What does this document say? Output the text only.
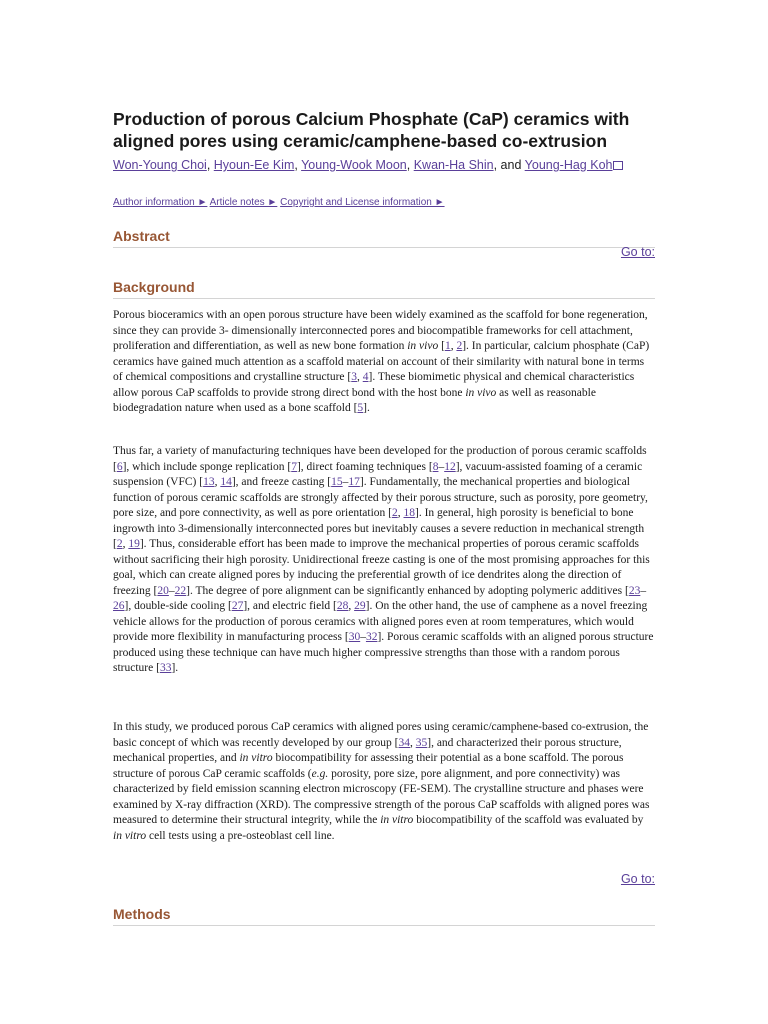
Production of porous Calcium Phosphate (CaP) ceramics with aligned pores using ceramic/camphene-based co-extrusion
Won-Young Choi, Hyoun-Ee Kim, Young-Wook Moon, Kwan-Ha Shin, and Young-Hag Koh
Author information ► Article notes ► Copyright and License information ►
Abstract
Go to:
Background

Porous bioceramics with an open porous structure have been widely examined as the scaffold for bone regeneration, since they can provide 3- dimensionally interconnected pores and biocompatible frameworks for cell attachment, proliferation and differentiation, as well as new bone formation in vivo [1, 2]. In particular, calcium phosphate (CaP) ceramics have gained much attention as a scaffold material on account of their similarity with natural bone in terms of chemical compositions and crystalline structure [3, 4]. These biomimetic physical and chemical characteristics allow porous CaP scaffolds to provide strong direct bond with the host bone in vivo as well as reasonable biodegradation nature when used as a bone scaffold [5].

Thus far, a variety of manufacturing techniques have been developed for the production of porous ceramic scaffolds [6], which include sponge replication [7], direct foaming techniques [8–12], vacuum-assisted foaming of a ceramic suspension (VFC) [13, 14], and freeze casting [15–17]. Fundamentally, the mechanical properties and biological function of porous ceramic scaffolds are strongly affected by their porous structure, such as porosity, pore geometry, pore size, and pore connectivity, as well as pore orientation [2, 18]. In general, high porosity is beneficial to bone ingrowth into 3-dimensionally interconnected pores but inevitably causes a severe reduction in mechanical strength [2, 19]. Thus, considerable effort has been made to improve the mechanical properties of porous ceramic scaffolds without sacrificing their high porosity. Unidirectional freeze casting is one of the most promising approaches for this goal, which can create aligned pores by inducing the preferential growth of ice dendrites along the direction of freezing [20–22]. The degree of pore alignment can be significantly enhanced by adopting polymeric additives [23–26], double-side cooling [27], and electric field [28, 29]. On the other hand, the use of camphene as a novel freezing vehicle allows for the production of porous ceramics with aligned pores even at room temperatures, which would provide more flexibility in manufacturing process [30–32]. Porous ceramic scaffolds with an aligned porous structure produced using these technique can have much higher compressive strengths than those with a random porous structure [33].

In this study, we produced porous CaP ceramics with aligned pores using ceramic/camphene-based co-extrusion, the basic concept of which was recently developed by our group [34, 35], and characterized their porous structure, mechanical properties, and in vitro biocompatibility for assessing their potential as a bone scaffold. The porous structure of porous CaP ceramic scaffolds (e.g. porosity, pore size, pore alignment, and pore connectivity) was characterized by field emission scanning electron microscopy (FE-SEM). The crystalline structure and phases were examined by X-ray diffraction (XRD). The compressive strength of the porous CaP scaffolds with aligned pores was measured to determine their structural integrity, while the in vitro biocompatibility of the scaffold was evaluated by in vitro cell tests using a pre-osteoblast cell line.

Go to:
Methods
